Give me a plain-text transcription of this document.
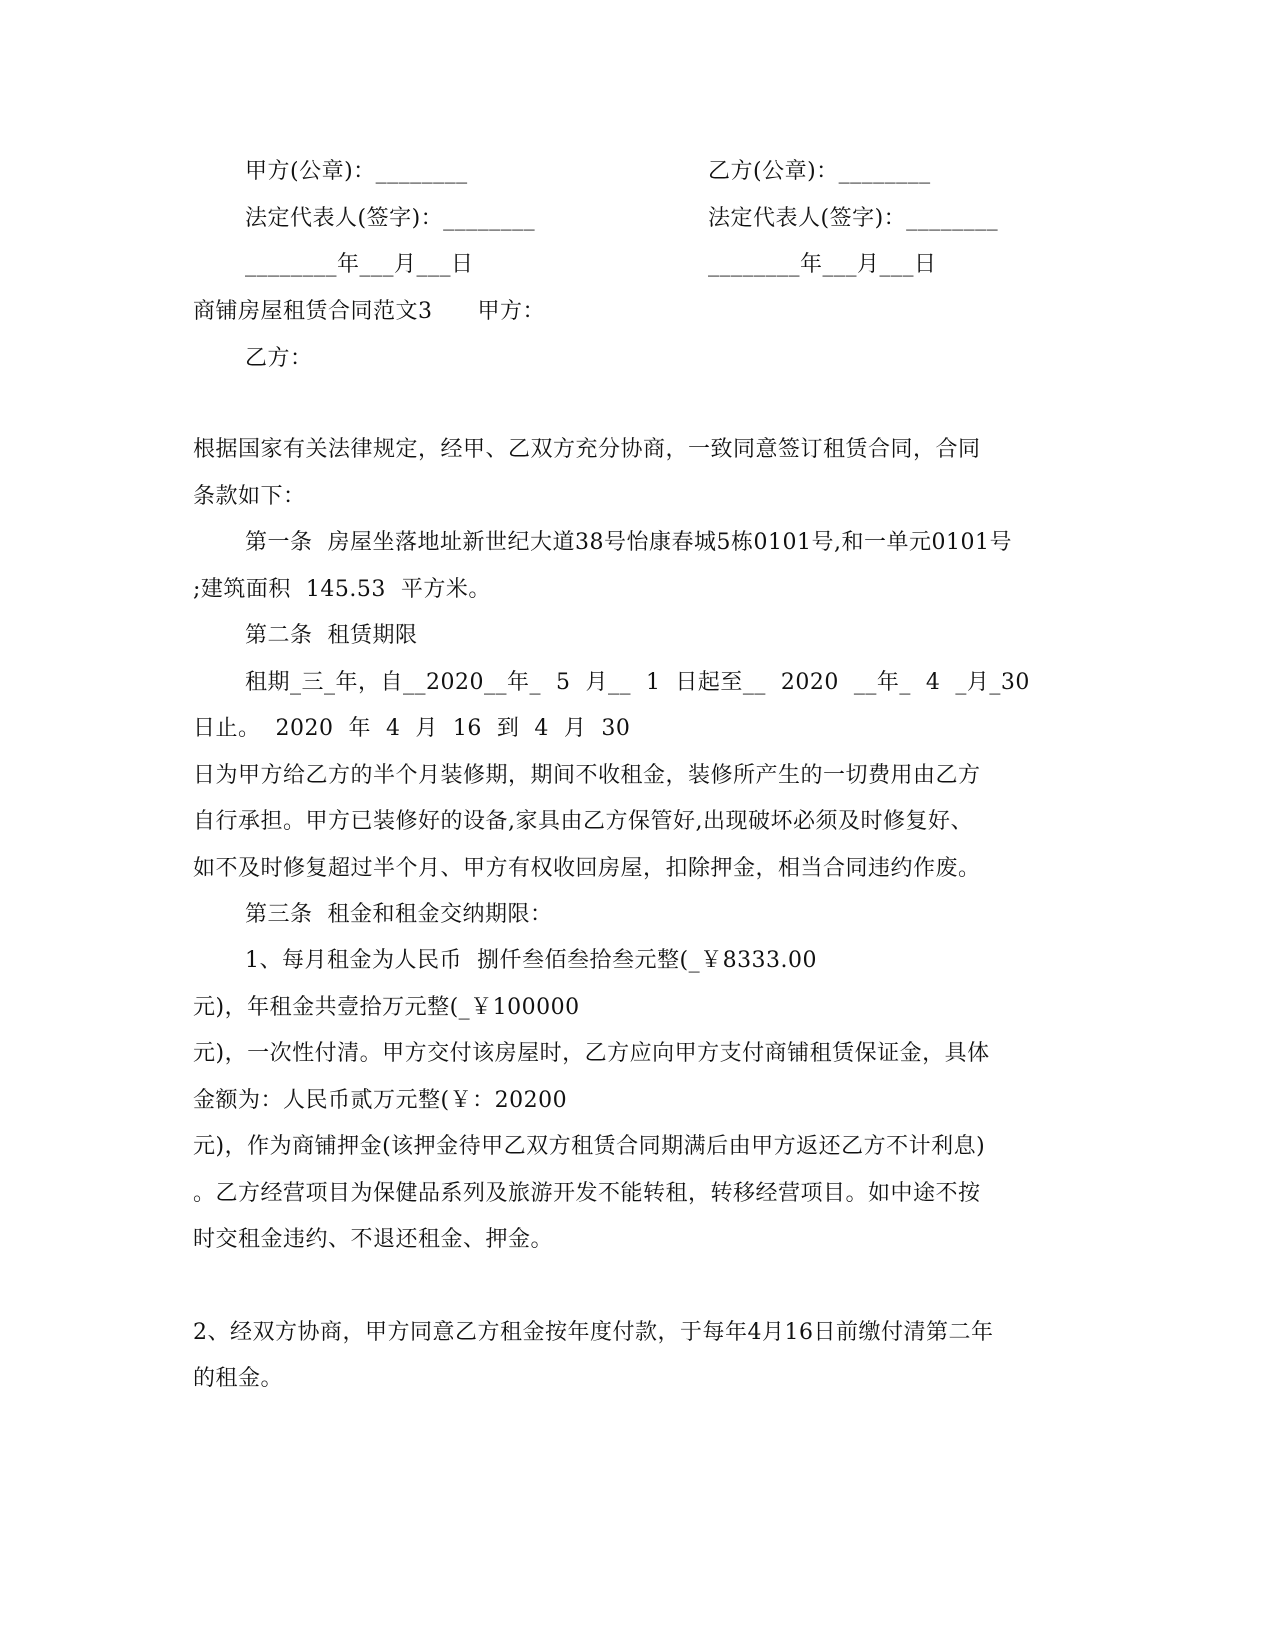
甲方(公章)：________	乙方(公章)：________
法定代表人(签字)：________	法定代表人(签字)：________
________年___月___日	________年___月___日
商铺房屋租赁合同范文3　　甲方：
乙方：
根据国家有关法律规定，经甲、乙双方充分协商，一致同意签订租赁合同，合同
条款如下：
第一条  房屋坐落地址新世纪大道38号怡康春城5栋0101号,和一单元0101号
;建筑面积  145.53  平方米。
第二条  租赁期限
租期_三_年，自__2020__年_  5  月__  1  日起至__  2020  __年_  4  _月_30
日止。  2020  年  4  月  16  到  4  月  30
日为甲方给乙方的半个月装修期，期间不收租金，装修所产生的一切费用由乙方
自行承担。甲方已装修好的设备,家具由乙方保管好,出现破坏必须及时修复好、
如不及时修复超过半个月、甲方有权收回房屋，扣除押金，相当合同违约作废。
第三条  租金和租金交纳期限：
1、每月租金为人民币  捌仟叁佰叁拾叁元整(_￥8333.00
元)，年租金共壹拾万元整(_￥100000
元)，一次性付清。甲方交付该房屋时，乙方应向甲方支付商铺租赁保证金，具体
金额为：人民币贰万元整(￥：20200
元)，作为商铺押金(该押金待甲乙双方租赁合同期满后由甲方返还乙方不计利息)
。乙方经营项目为保健品系列及旅游开发不能转租，转移经营项目。如中途不按
时交租金违约、不退还租金、押金。
2、经双方协商，甲方同意乙方租金按年度付款，于每年4月16日前缴付清第二年
的租金。
